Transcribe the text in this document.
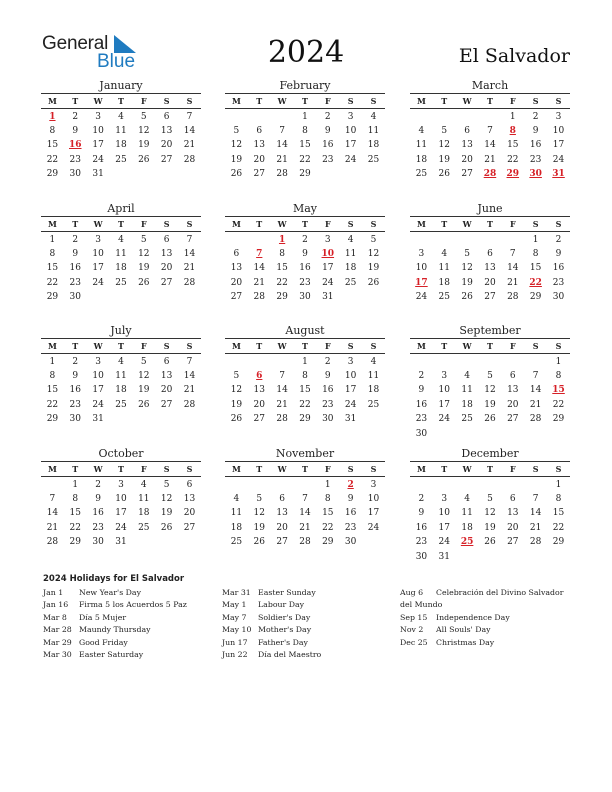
General
Blue	2024	El Salvador
January
M	T	W	T	F	S	S
1	2	3	4	5	6	7
8	9	10	11	12	13	14
15	16	17	18	19	20	21
22	23	24	25	26	27	28
29	30	31				
February
M	T	W	T	F	S	S
			1	2	3	4
5	6	7	8	9	10	11
12	13	14	15	16	17	18
19	20	21	22	23	24	25
26	27	28	29			
March
M	T	W	T	F	S	S
				1	2	3
4	5	6	7	8	9	10
11	12	13	14	15	16	17
18	19	20	21	22	23	24
25	26	27	28	29	30	31
April
M	T	W	T	F	S	S
1	2	3	4	5	6	7
8	9	10	11	12	13	14
15	16	17	18	19	20	21
22	23	24	25	26	27	28
29	30					
May
M	T	W	T	F	S	S
		1	2	3	4	5
6	7	8	9	10	11	12
13	14	15	16	17	18	19
20	21	22	23	24	25	26
27	28	29	30	31		
June
M	T	W	T	F	S	S
					1	2
3	4	5	6	7	8	9
10	11	12	13	14	15	16
17	18	19	20	21	22	23
24	25	26	27	28	29	30
July
M	T	W	T	F	S	S
1	2	3	4	5	6	7
8	9	10	11	12	13	14
15	16	17	18	19	20	21
22	23	24	25	26	27	28
29	30	31				
August
M	T	W	T	F	S	S
			1	2	3	4
5	6	7	8	9	10	11
12	13	14	15	16	17	18
19	20	21	22	23	24	25
26	27	28	29	30	31	
September
M	T	W	T	F	S	S
						1
2	3	4	5	6	7	8
9	10	11	12	13	14	15
16	17	18	19	20	21	22
23	24	25	26	27	28	29
30						
October
M	T	W	T	F	S	S
	1	2	3	4	5	6
7	8	9	10	11	12	13
14	15	16	17	18	19	20
21	22	23	24	25	26	27
28	29	30	31			
November
M	T	W	T	F	S	S
				1	2	3
4	5	6	7	8	9	10
11	12	13	14	15	16	17
18	19	20	21	22	23	24
25	26	27	28	29	30	
December
M	T	W	T	F	S	S
						1
2	3	4	5	6	7	8
9	10	11	12	13	14	15
16	17	18	19	20	21	22
23	24	25	26	27	28	29
30	31					
2024 Holidays for El Salvador
Jan 1 New Year's Day
Jan 16 Firma 5 los Acuerdos 5 Paz
Mar 8 Día 5 Mujer
Mar 28 Maundy Thursday
Mar 29 Good Friday
Mar 30 Easter Saturday
Mar 31 Easter Sunday
May 1 Labour Day
May 7 Soldier's Day
May 10 Mother's Day
Jun 17 Father's Day
Jun 22 Día del Maestro
Aug 6 Celebración del Divino Salvador
del Mundo
Sep 15 Independence Day
Nov 2 All Souls' Day
Dec 25 Christmas Day
